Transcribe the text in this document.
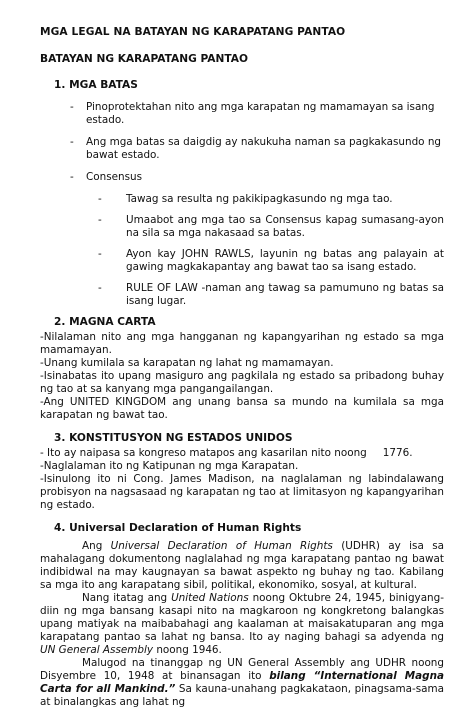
MGA LEGAL NA BATAYAN NG KARAPATANG PANTAO
BATAYAN NG KARAPATANG PANTAO
1. MGA BATAS
- Pinoprotektahan nito ang mga karapatan ng mamamayan sa isang estado.
- Ang mga batas sa daigdig ay nakukuha naman sa pagkakasundo ng bawat estado.
- Consensus
- Tawag sa resulta ng pakikipagkasundo ng mga tao.
- Umaabot ang mga tao sa Consensus kapag sumasang-ayon na sila sa mga nakasaad sa batas.
- Ayon kay JOHN RAWLS, layunin ng batas ang palayain at gawing magkakapantay ang bawat tao sa isang estado.
- RULE OF LAW -naman ang tawag sa pamumuno ng batas sa isang lugar.
2. MAGNA CARTA
-Nilalaman nito ang mga hangganan ng kapangyarihan ng estado sa mga mamamayan.
-Unang kumilala sa karapatan ng lahat ng mamamayan.
-Isinabatas ito upang masiguro ang pagkilala ng estado sa pribadong buhay ng tao at sa kanyang mga pangangailangan.
-Ang UNITED KINGDOM ang unang bansa sa mundo na kumilala sa mga karapatan ng bawat tao.
3. KONSTITUSYON NG ESTADOS UNIDOS
- Ito ay naipasa sa kongreso matapos ang kasarilan nito noong 1776.
-Naglalaman ito ng Katipunan ng mga Karapatan.
-Isinulong ito ni Cong. James Madison, na naglalaman ng labindalawang probisyon na nagsasaad ng karapatan ng tao at limitasyon ng kapangyarihan ng estado.
4. Universal Declaration of Human Rights

Ang Universal Declaration of Human Rights (UDHR) ay isa sa mahalagang dokumentong naglalahad ng mga karapatang pantao ng bawat indibidwal na may kaugnayan sa bawat aspekto ng buhay ng tao. Kabilang sa mga ito ang karapatang sibil, politikal, ekonomiko, sosyal, at kultural.

Nang itatag ang United Nations noong Oktubre 24, 1945, binigyang-diin ng mga bansang kasapi nito na magkaroon ng kongkretong balangkas upang matiyak na maibabahagi ang kaalaman at maisakatuparan ang mga karapatang pantao sa lahat ng bansa. Ito ay naging bahagi sa adyenda ng UN General Assembly noong 1946.

Malugod na tinanggap ng UN General Assembly ang UDHR noong Disyembre 10, 1948 at binansagan ito bilang “International Magna Carta for all Mankind.” Sa kauna-unahang pagkakataon, pinagsama-sama at binalangkas ang lahat ng
